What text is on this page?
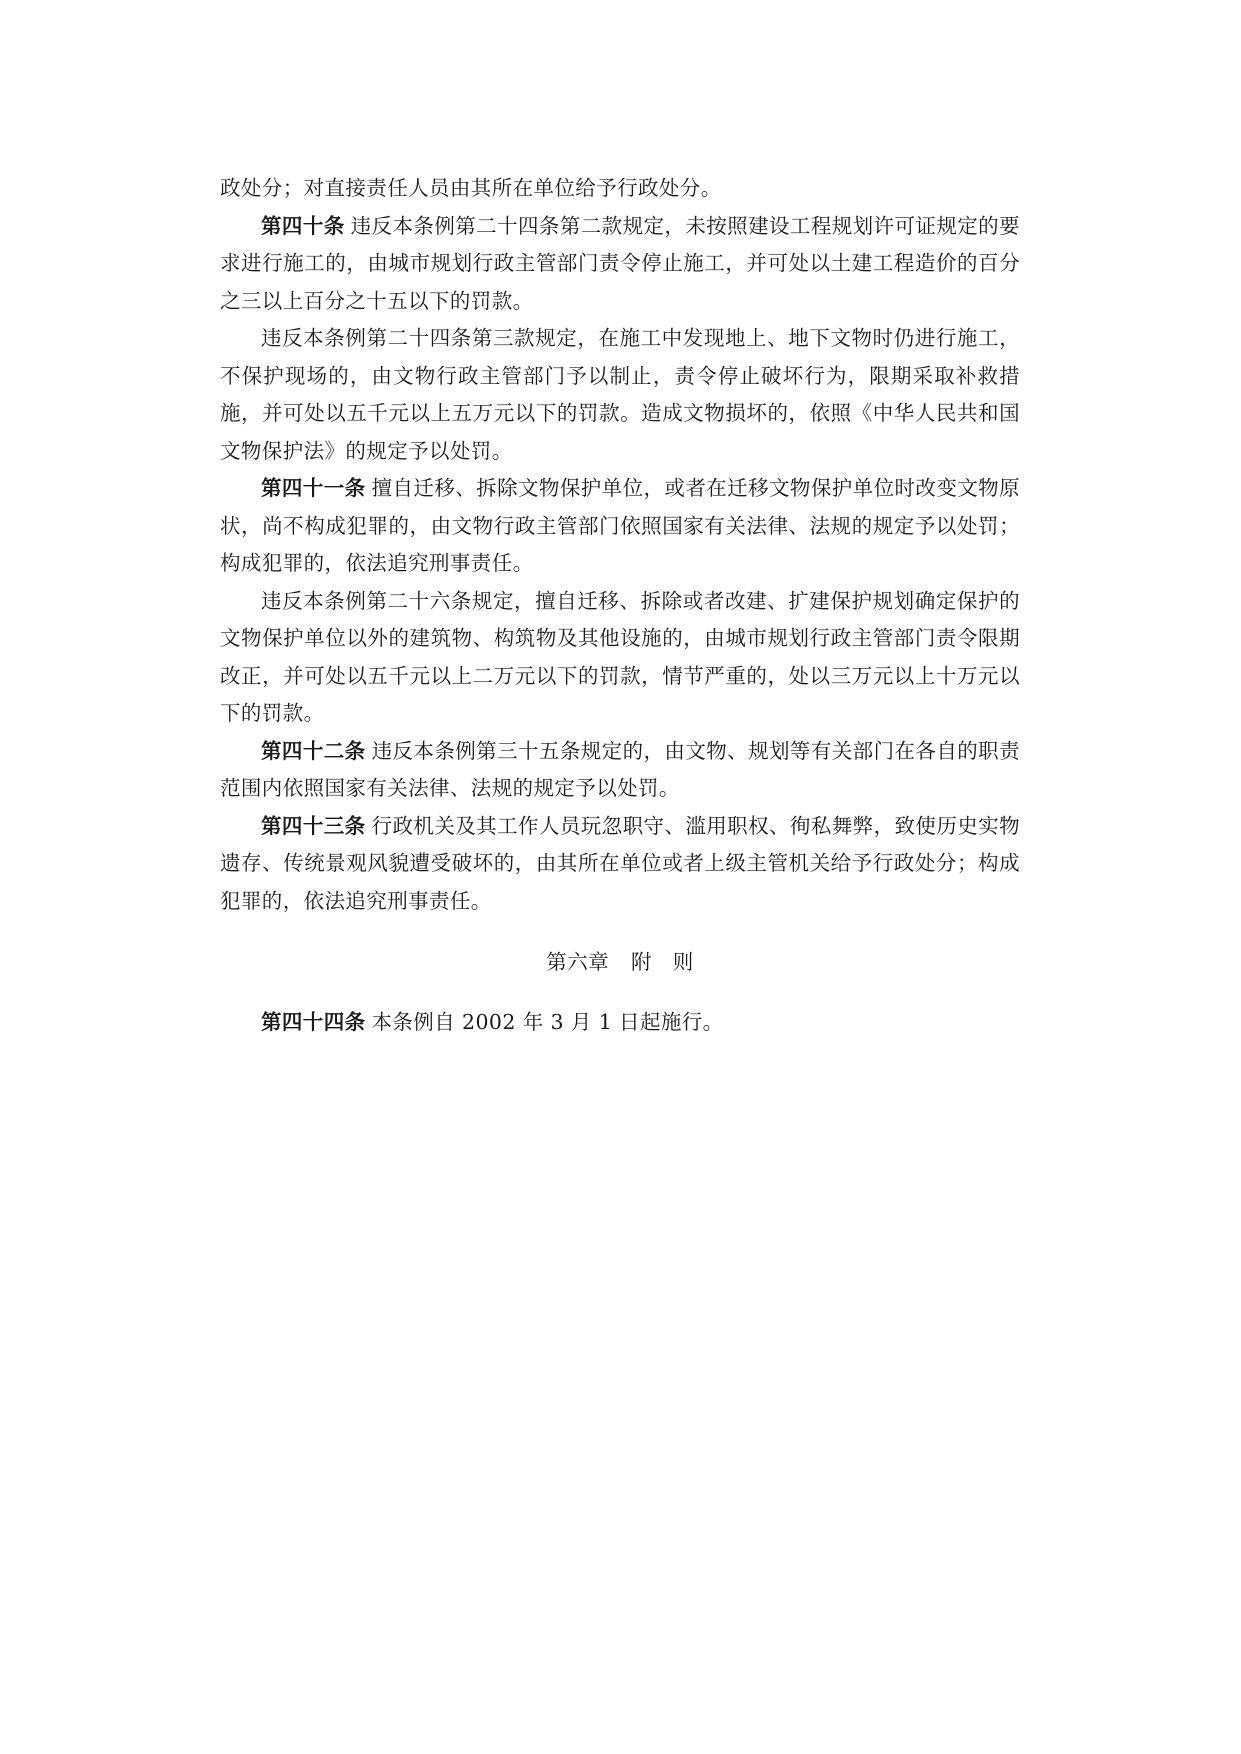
政处分；对直接责任人员由其所在单位给予行政处分。

第四十条 违反本条例第二十四条第二款规定，未按照建设工程规划许可证规定的要求进行施工的，由城市规划行政主管部门责令停止施工，并可处以土建工程造价的百分之三以上百分之十五以下的罚款。

违反本条例第二十四条第三款规定，在施工中发现地上、地下文物时仍进行施工，不保护现场的，由文物行政主管部门予以制止，责令停止破坏行为，限期采取补救措施，并可处以五千元以上五万元以下的罚款。造成文物损坏的，依照《中华人民共和国文物保护法》的规定予以处罚。

第四十一条 擅自迁移、拆除文物保护单位，或者在迁移文物保护单位时改变文物原状，尚不构成犯罪的，由文物行政主管部门依照国家有关法律、法规的规定予以处罚；构成犯罪的，依法追究刑事责任。

违反本条例第二十六条规定，擅自迁移、拆除或者改建、扩建保护规划确定保护的文物保护单位以外的建筑物、构筑物及其他设施的，由城市规划行政主管部门责令限期改正，并可处以五千元以上二万元以下的罚款，情节严重的，处以三万元以上十万元以下的罚款。

第四十二条 违反本条例第三十五条规定的，由文物、规划等有关部门在各自的职责范围内依照国家有关法律、法规的规定予以处罚。

第四十三条 行政机关及其工作人员玩忽职守、滥用职权、徇私舞弊，致使历史实物遗存、传统景观风貌遭受破坏的，由其所在单位或者上级主管机关给予行政处分；构成犯罪的，依法追究刑事责任。

第六章 附　则

第四十四条 本条例自 2002 年 3 月 1 日起施行。
